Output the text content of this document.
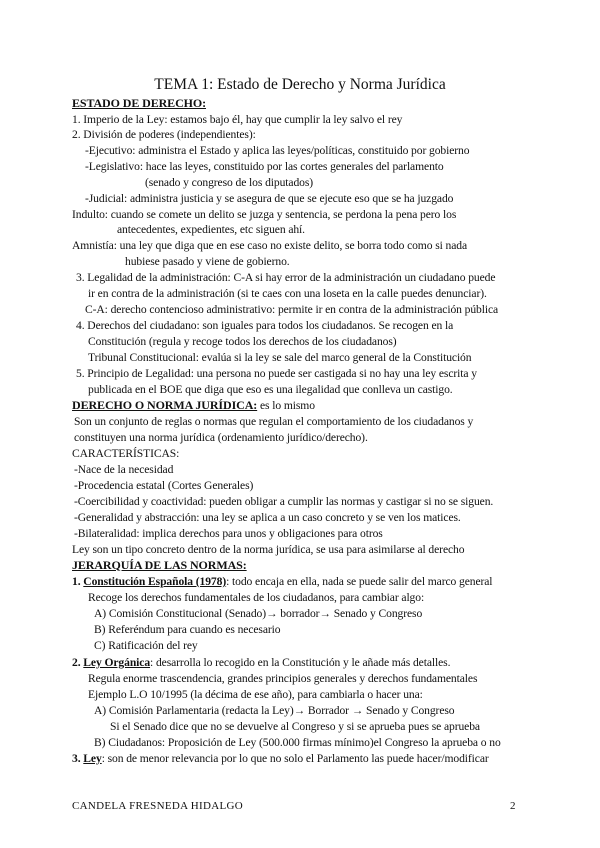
TEMA 1: Estado de Derecho y Norma Jurídica
ESTADO DE DERECHO:
1. Imperio de la Ley: estamos bajo él, hay que cumplir la ley salvo el rey
2. División de poderes (independientes):
-Ejecutivo: administra el Estado y aplica las leyes/políticas, constituido por gobierno
-Legislativo: hace las leyes, constituido por las cortes generales del parlamento
(senado y congreso de los diputados)
-Judicial: administra justicia y se asegura de que se ejecute eso que se ha juzgado
Indulto: cuando se comete un delito se juzga y sentencia, se perdona la pena pero los
antecedentes, expedientes, etc siguen ahí.
Amnistía: una ley que diga que en ese caso no existe delito, se borra todo como si nada
hubiese pasado y viene de gobierno.
3. Legalidad de la administración: C-A si hay error de la administración un ciudadano puede
ir en contra de la administración (si te caes con una loseta en la calle puedes denunciar).
C-A: derecho contencioso administrativo: permite ir en contra de la administración pública
4. Derechos del ciudadano: son iguales para todos los ciudadanos. Se recogen en la
Constitución (regula y recoge todos los derechos de los ciudadanos)
Tribunal Constitucional: evalúa si la ley se sale del marco general de la Constitución
5. Principio de Legalidad: una persona no puede ser castigada si no hay una ley escrita y
publicada en el BOE que diga que eso es una ilegalidad que conlleva un castigo.
DERECHO O NORMA JURÍDICA: es lo mismo
Son un conjunto de reglas o normas que regulan el comportamiento de los ciudadanos y
constituyen una norma jurídica (ordenamiento jurídico/derecho).
CARACTERÍSTICAS:
-Nace de la necesidad
-Procedencia estatal (Cortes Generales)
-Coercibilidad y coactividad: pueden obligar a cumplir las normas y castigar si no se siguen.
-Generalidad y abstracción: una ley se aplica a un caso concreto y se ven los matices.
-Bilateralidad: implica derechos para unos y obligaciones para otros
Ley son un tipo concreto dentro de la norma jurídica, se usa para asimilarse al derecho
JERARQUÍA DE LAS NORMAS:
1. Constitución Española (1978): todo encaja en ella, nada se puede salir del marco general
Recoge los derechos fundamentales de los ciudadanos, para cambiar algo:
A) Comisión Constitucional (Senado)→ borrador→ Senado y Congreso
B) Referéndum para cuando es necesario
C) Ratificación del rey
2. Ley Orgánica: desarrolla lo recogido en la Constitución y le añade más detalles.
Regula enorme trascendencia, grandes principios generales y derechos fundamentales
Ejemplo L.O 10/1995 (la décima de ese año), para cambiarla o hacer una:
A) Comisión Parlamentaria (redacta la Ley)→ Borrador → Senado y Congreso
Si el Senado dice que no se devuelve al Congreso y si se aprueba pues se aprueba
B) Ciudadanos: Proposición de Ley (500.000 firmas mínimo)el Congreso la aprueba o no
3. Ley: son de menor relevancia por lo que no solo el Parlamento las puede hacer/modificar
CANDELA FRESNEDA HIDALGO	2
